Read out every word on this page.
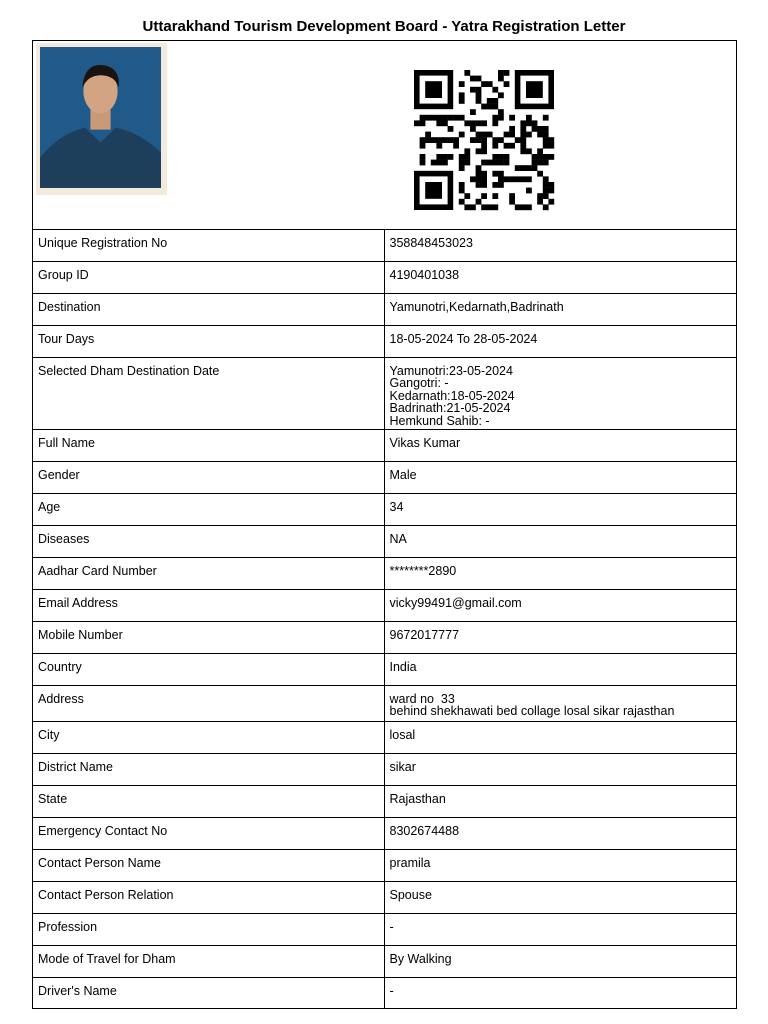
Uttarakhand Tourism Development Board - Yatra Registration Letter
Unique Registration No	358848453023
Group ID	4190401038
Destination	Yamunotri,Kedarnath,Badrinath
Tour Days	18-05-2024 To 28-05-2024
Selected Dham Destination Date	Yamunotri:23-05-2024
Gangotri: -
Kedarnath:18-05-2024
Badrinath:21-05-2024
Hemkund Sahib: -

Full Name	Vikas Kumar
Gender	Male
Age	34
Diseases	NA
Aadhar Card Number	********2890
Email Address	vicky99491@gmail.com
Mobile Number	9672017777
Country	India
Address	ward no  33
behind shekhawati bed collage losal sikar rajasthan

City	losal
District Name	sikar
State	Rajasthan
Emergency Contact No	8302674488
Contact Person Name	pramila
Contact Person Relation	Spouse
Profession	-
Mode of Travel for Dham	By Walking
Driver's Name	-
